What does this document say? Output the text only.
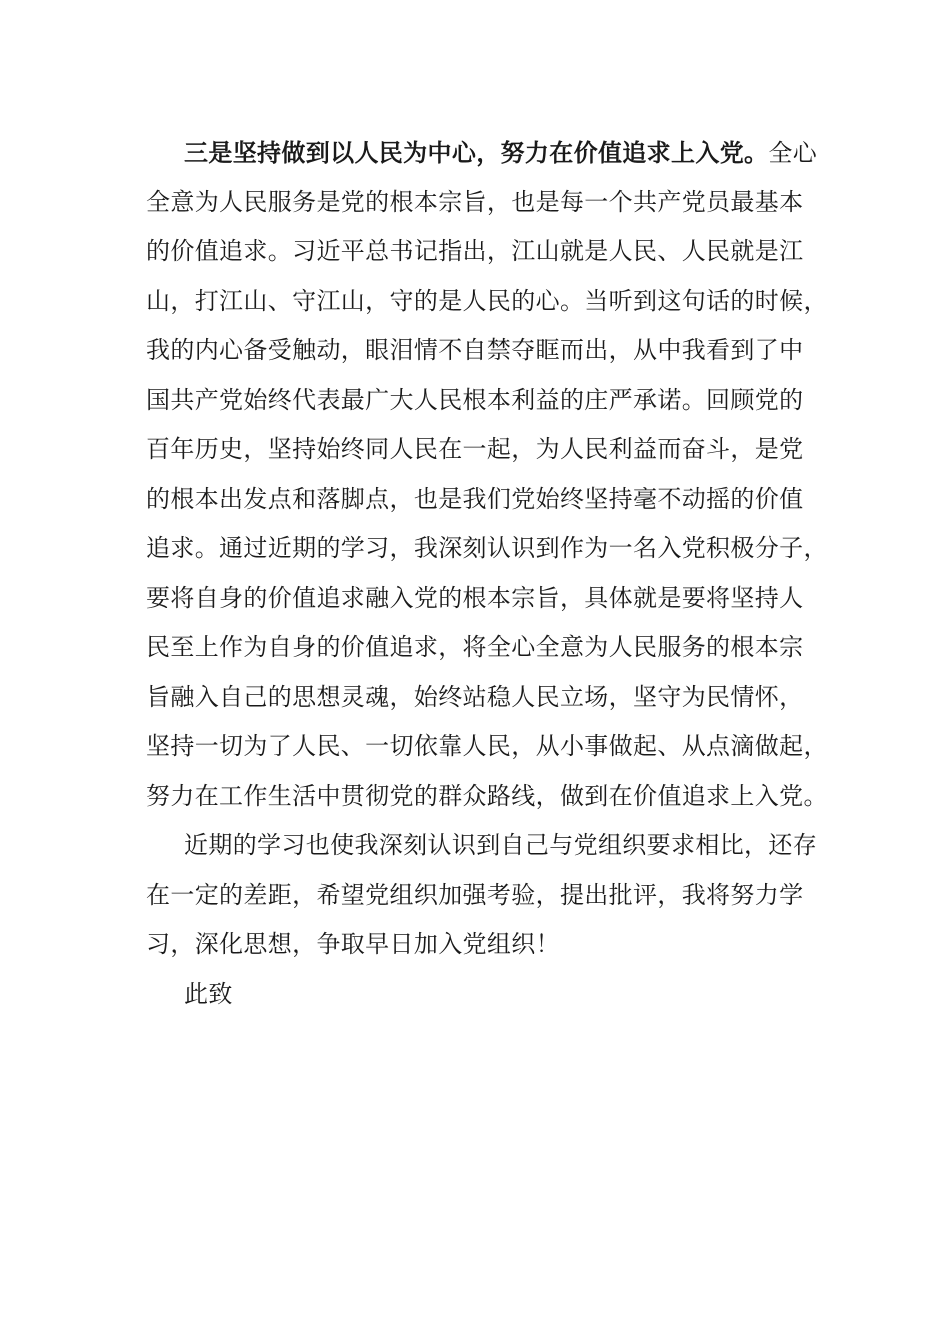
三是坚持做到以人民为中心，努力在价值追求上入党。全心
全意为人民服务是党的根本宗旨，也是每一个共产党员最基本
的价值追求。习近平总书记指出，江山就是人民、人民就是江
山，打江山、守江山，守的是人民的心。当听到这句话的时候，
我的内心备受触动，眼泪情不自禁夺眶而出，从中我看到了中
国共产党始终代表最广大人民根本利益的庄严承诺。回顾党的
百年历史，坚持始终同人民在一起，为人民利益而奋斗，是党
的根本出发点和落脚点，也是我们党始终坚持毫不动摇的价值
追求。通过近期的学习，我深刻认识到作为一名入党积极分子，
要将自身的价值追求融入党的根本宗旨，具体就是要将坚持人
民至上作为自身的价值追求，将全心全意为人民服务的根本宗
旨融入自己的思想灵魂，始终站稳人民立场，坚守为民情怀，
坚持一切为了人民、一切依靠人民，从小事做起、从点滴做起，
努力在工作生活中贯彻党的群众路线，做到在价值追求上入党。
近期的学习也使我深刻认识到自己与党组织要求相比，还存
在一定的差距，希望党组织加强考验，提出批评，我将努力学
习，深化思想，争取早日加入党组织！
此致
